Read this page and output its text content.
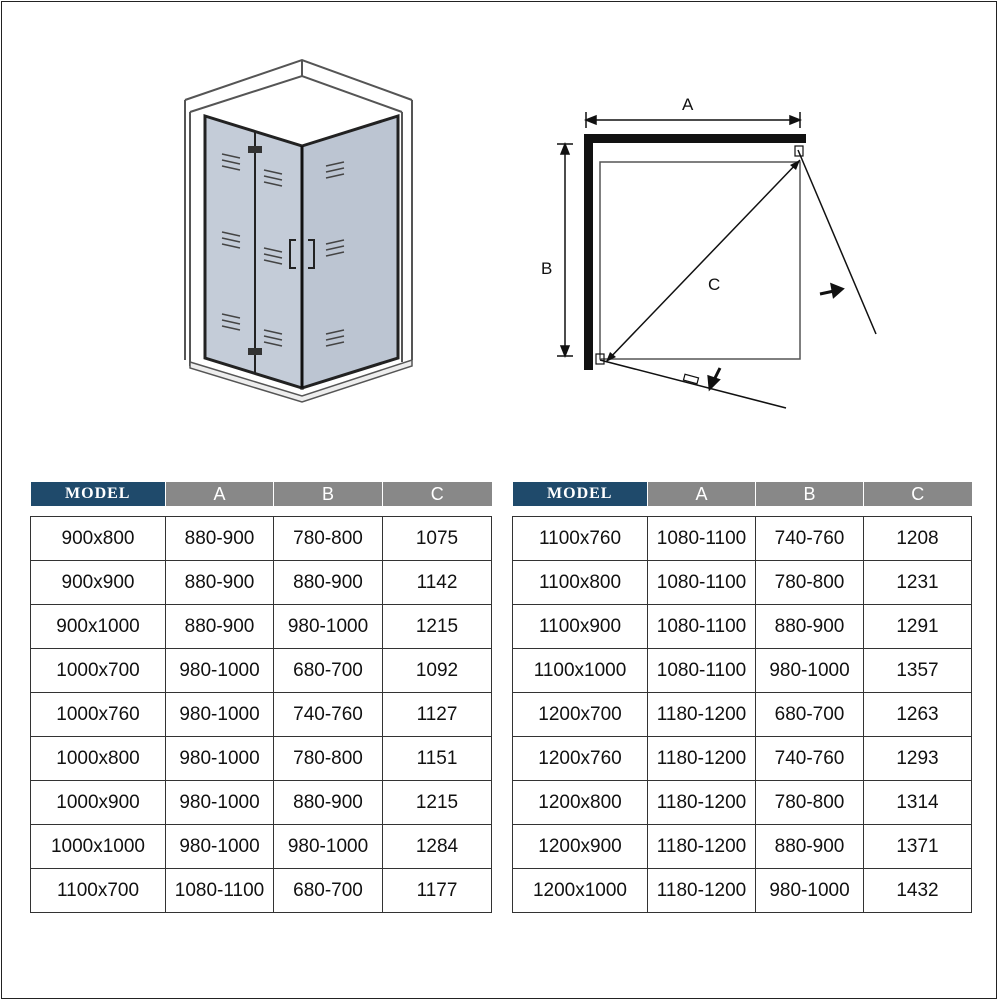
A
B
C
MODEL	A	B	C

900x800	880-900	780-800	1075
900x900	880-900	880-900	1142
900x1000	880-900	980-1000	1215
1000x700	980-1000	680-700	1092
1000x760	980-1000	740-760	1127
1000x800	980-1000	780-800	1151
1000x900	980-1000	880-900	1215
1000x1000	980-1000	980-1000	1284
1100x700	1080-1100	680-700	1177
MODEL	A	B	C

1100x760	1080-1100	740-760	1208
1100x800	1080-1100	780-800	1231
1100x900	1080-1100	880-900	1291
1100x1000	1080-1100	980-1000	1357
1200x700	1180-1200	680-700	1263
1200x760	1180-1200	740-760	1293
1200x800	1180-1200	780-800	1314
1200x900	1180-1200	880-900	1371
1200x1000	1180-1200	980-1000	1432
